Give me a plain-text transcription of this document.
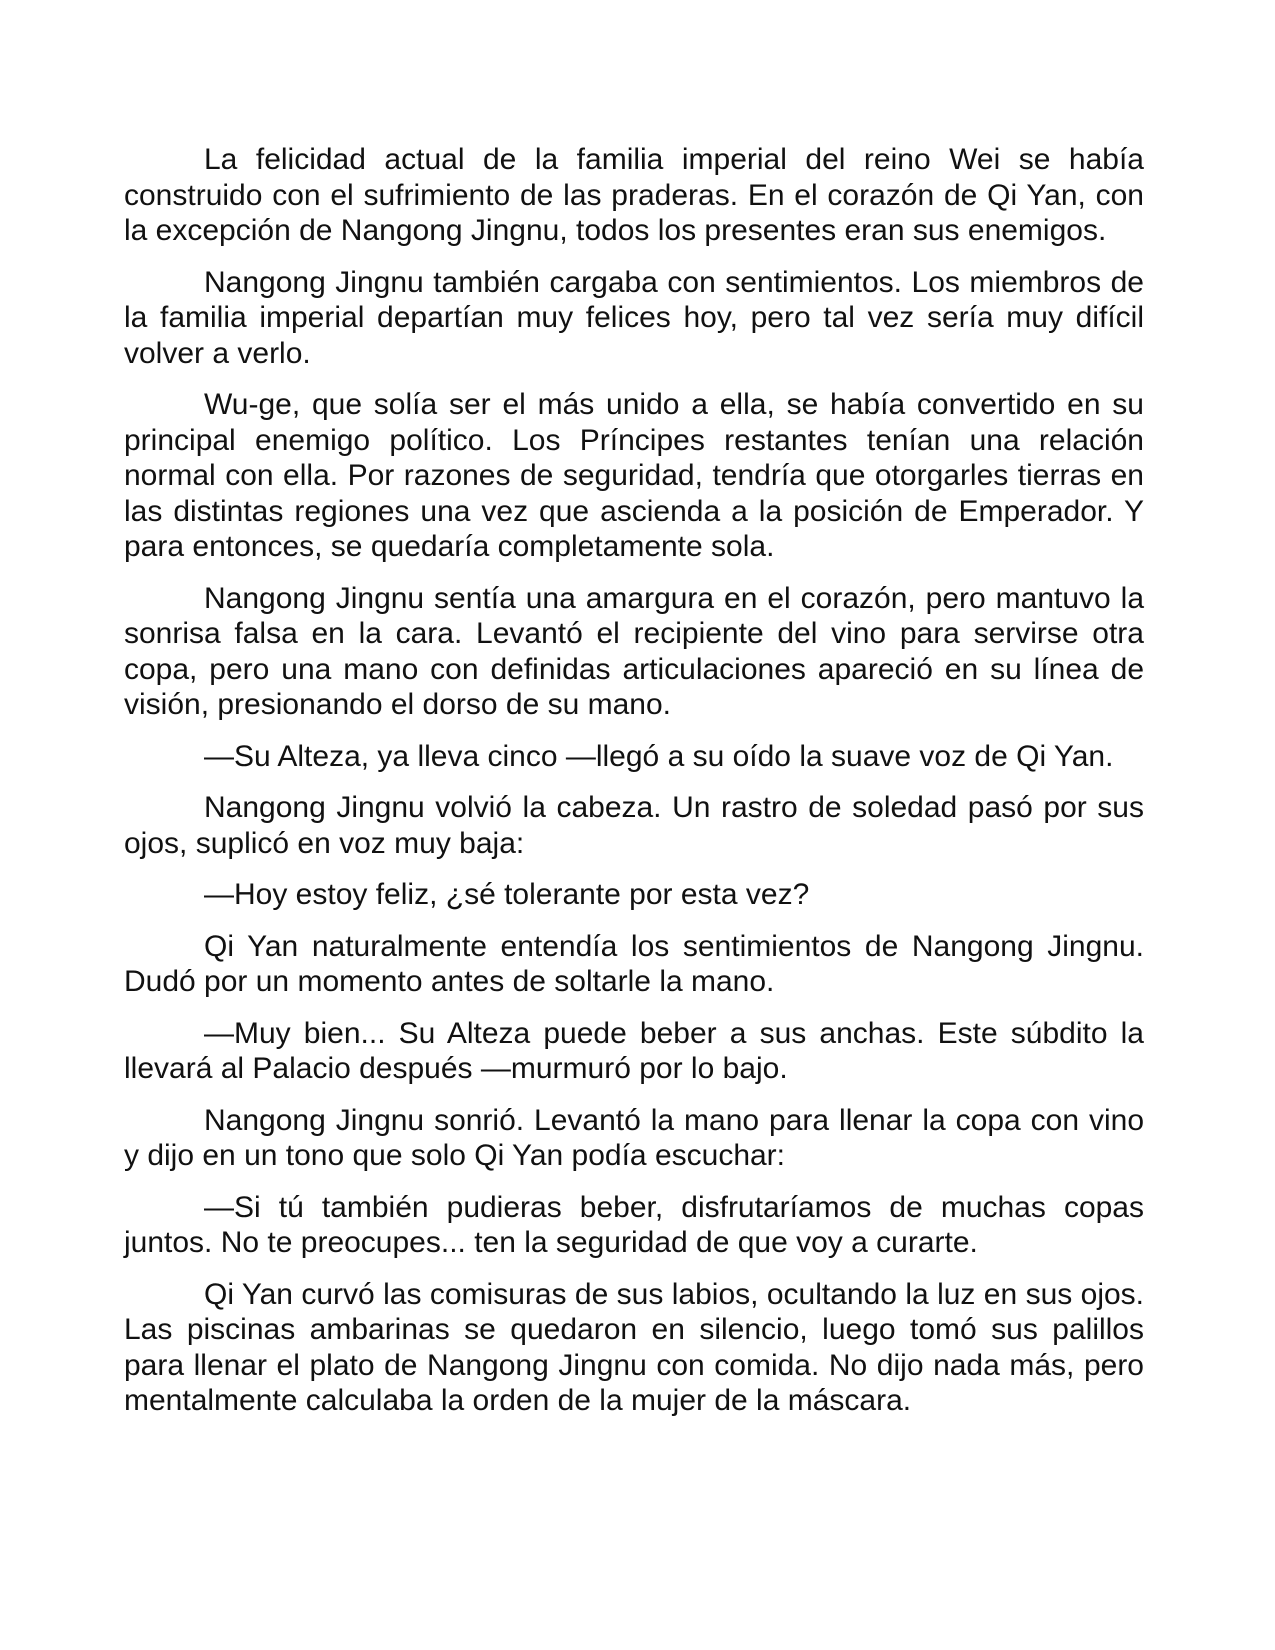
La felicidad actual de la familia imperial del reino Wei se había construido con el sufrimiento de las praderas. En el corazón de Qi Yan, con la excepción de Nangong Jingnu, todos los presentes eran sus enemigos.

Nangong Jingnu también cargaba con sentimientos. Los miembros de la familia imperial departían muy felices hoy, pero tal vez sería muy difícil volver a verlo.

Wu-ge, que solía ser el más unido a ella, se había convertido en su principal enemigo político. Los Príncipes restantes tenían una relación normal con ella. Por razones de seguridad, tendría que otorgarles tierras en las distintas regiones una vez que ascienda a la posición de Emperador. Y para entonces, se quedaría completamente sola.

Nangong Jingnu sentía una amargura en el corazón, pero mantuvo la sonrisa falsa en la cara. Levantó el recipiente del vino para servirse otra copa, pero una mano con definidas articulaciones apareció en su línea de visión, presionando el dorso de su mano.

—Su Alteza, ya lleva cinco —llegó a su oído la suave voz de Qi Yan.

Nangong Jingnu volvió la cabeza. Un rastro de soledad pasó por sus ojos, suplicó en voz muy baja:

—Hoy estoy feliz, ¿sé tolerante por esta vez?

Qi Yan naturalmente entendía los sentimientos de Nangong Jingnu. Dudó por un momento antes de soltarle la mano.

—Muy bien... Su Alteza puede beber a sus anchas. Este súbdito la llevará al Palacio después —murmuró por lo bajo.

Nangong Jingnu sonrió. Levantó la mano para llenar la copa con vino y dijo en un tono que solo Qi Yan podía escuchar:

—Si tú también pudieras beber, disfrutaríamos de muchas copas juntos. No te preocupes... ten la seguridad de que voy a curarte.

Qi Yan curvó las comisuras de sus labios, ocultando la luz en sus ojos. Las piscinas ambarinas se quedaron en silencio, luego tomó sus palillos para llenar el plato de Nangong Jingnu con comida. No dijo nada más, pero mentalmente calculaba la orden de la mujer de la máscara.
